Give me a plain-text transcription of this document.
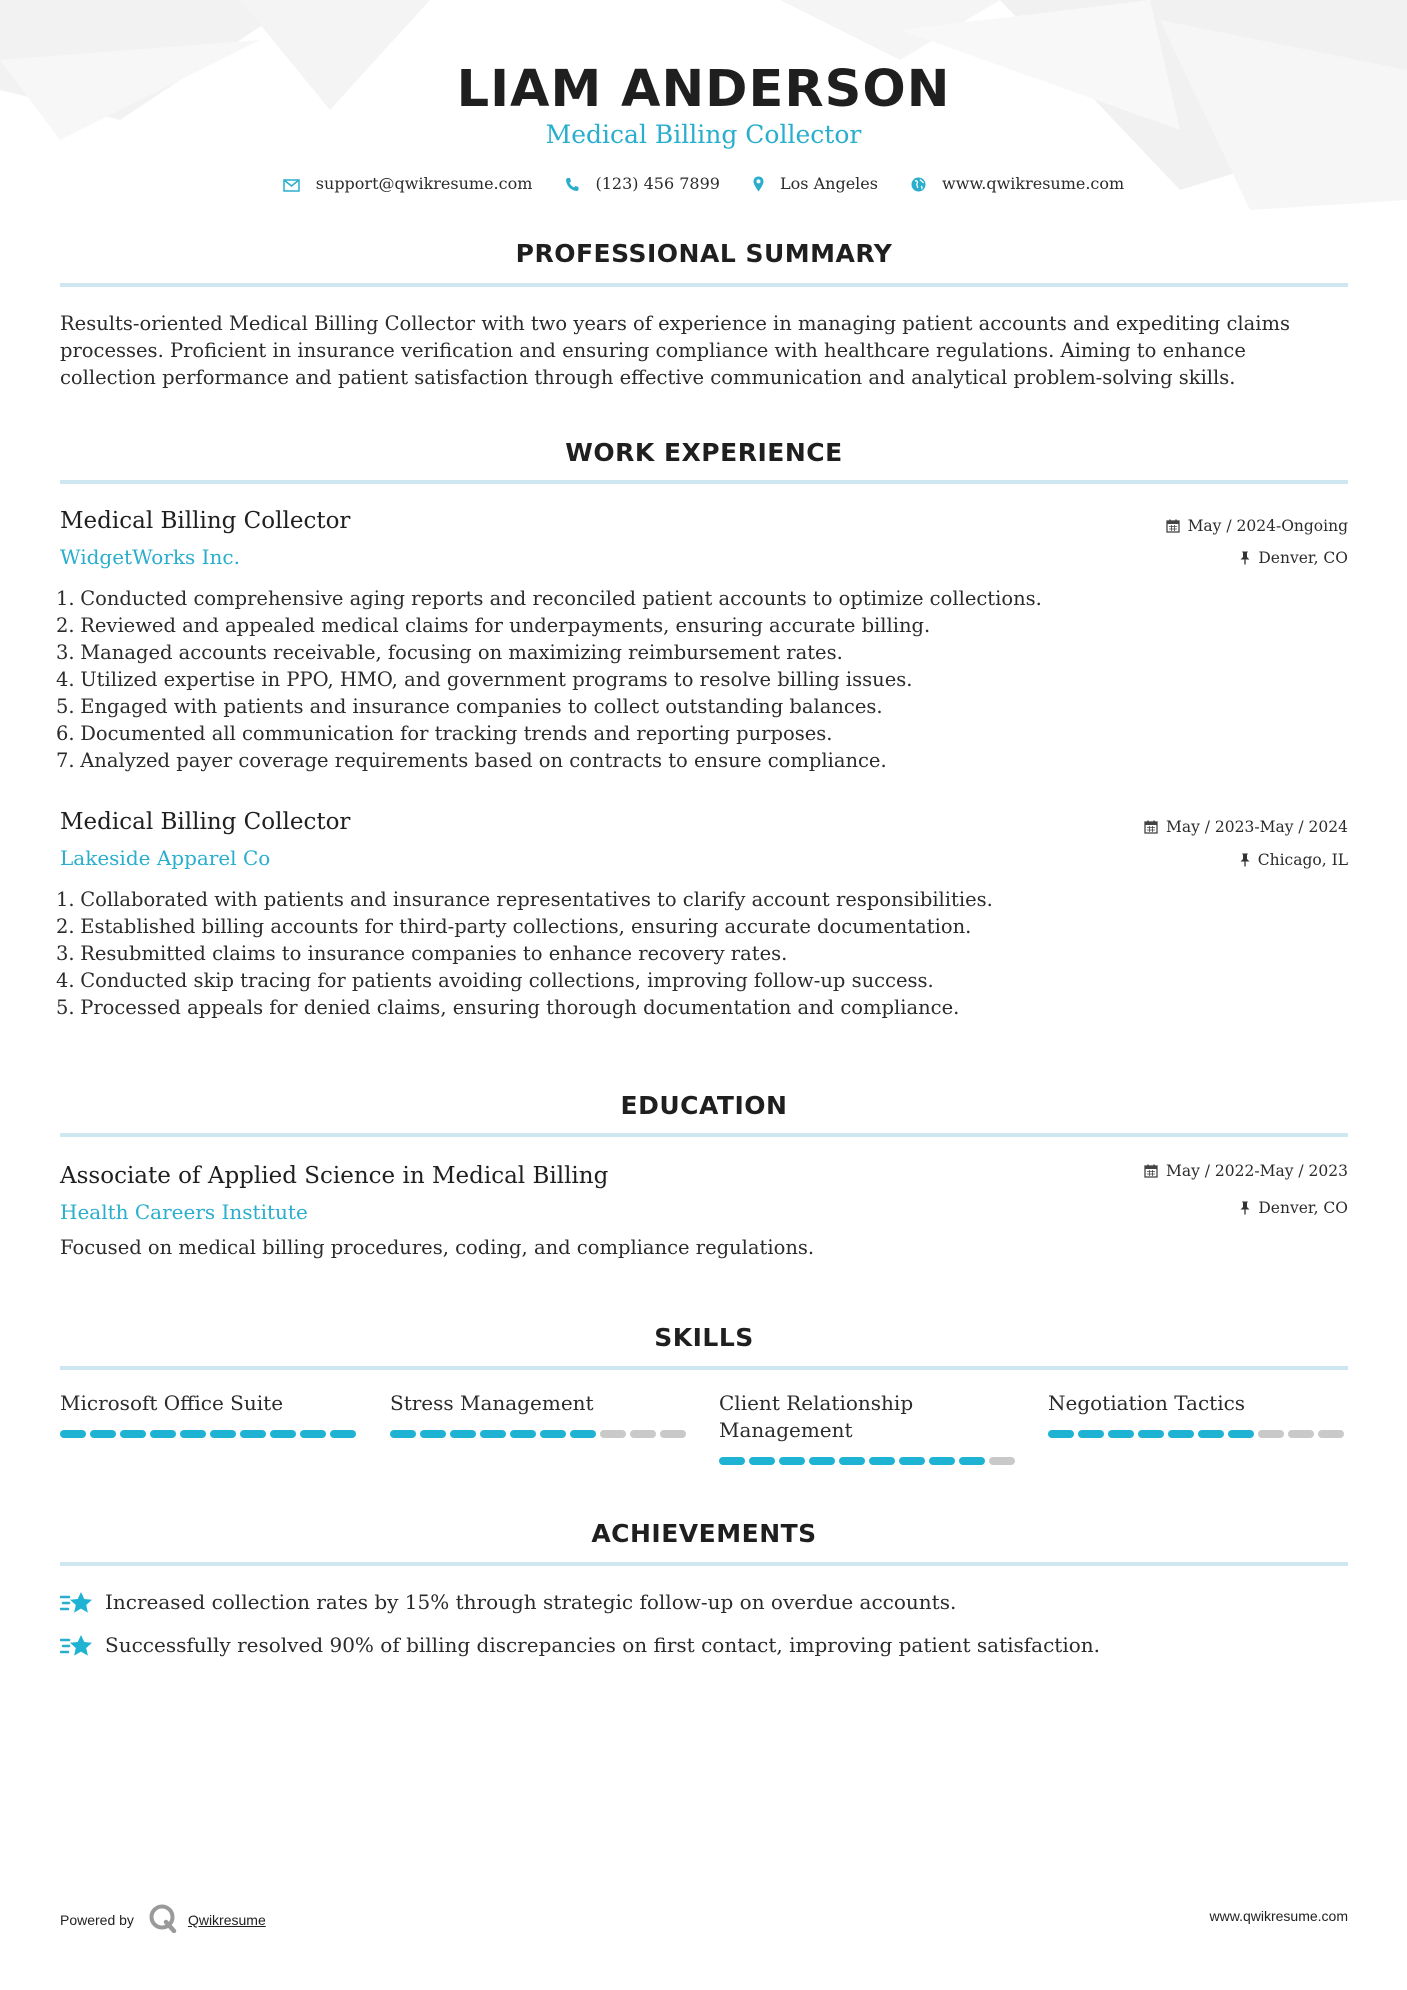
LIAM ANDERSON
Medical Billing Collector
support@qwikresume.com	(123) 456 7899	Los Angeles	www.qwikresume.com
PROFESSIONAL SUMMARY
Results-oriented Medical Billing Collector with two years of experience in managing patient accounts and expediting claims processes. Proficient in insurance verification and ensuring compliance with healthcare regulations. Aiming to enhance collection performance and patient satisfaction through effective communication and analytical problem-solving skills.
WORK EXPERIENCE
Medical Billing Collector
WidgetWorks Inc.
May / 2024-Ongoing
Denver, CO
1. Conducted comprehensive aging reports and reconciled patient accounts to optimize collections.
2. Reviewed and appealed medical claims for underpayments, ensuring accurate billing.
3. Managed accounts receivable, focusing on maximizing reimbursement rates.
4. Utilized expertise in PPO, HMO, and government programs to resolve billing issues.
5. Engaged with patients and insurance companies to collect outstanding balances.
6. Documented all communication for tracking trends and reporting purposes.
7. Analyzed payer coverage requirements based on contracts to ensure compliance.
Medical Billing Collector
Lakeside Apparel Co
May / 2023-May / 2024
Chicago, IL
1. Collaborated with patients and insurance representatives to clarify account responsibilities.
2. Established billing accounts for third-party collections, ensuring accurate documentation.
3. Resubmitted claims to insurance companies to enhance recovery rates.
4. Conducted skip tracing for patients avoiding collections, improving follow-up success.
5. Processed appeals for denied claims, ensuring thorough documentation and compliance.
EDUCATION
Associate of Applied Science in Medical Billing
Health Careers Institute
May / 2022-May / 2023
Denver, CO
Focused on medical billing procedures, coding, and compliance regulations.
SKILLS
Microsoft Office Suite	Stress Management	Client Relationship Management
Negotiation Tactics
ACHIEVEMENTS
Increased collection rates by 15% through strategic follow-up on overdue accounts.
Successfully resolved 90% of billing discrepancies on first contact, improving patient satisfaction.
Powered by	Qwikresume	www.qwikresume.com
